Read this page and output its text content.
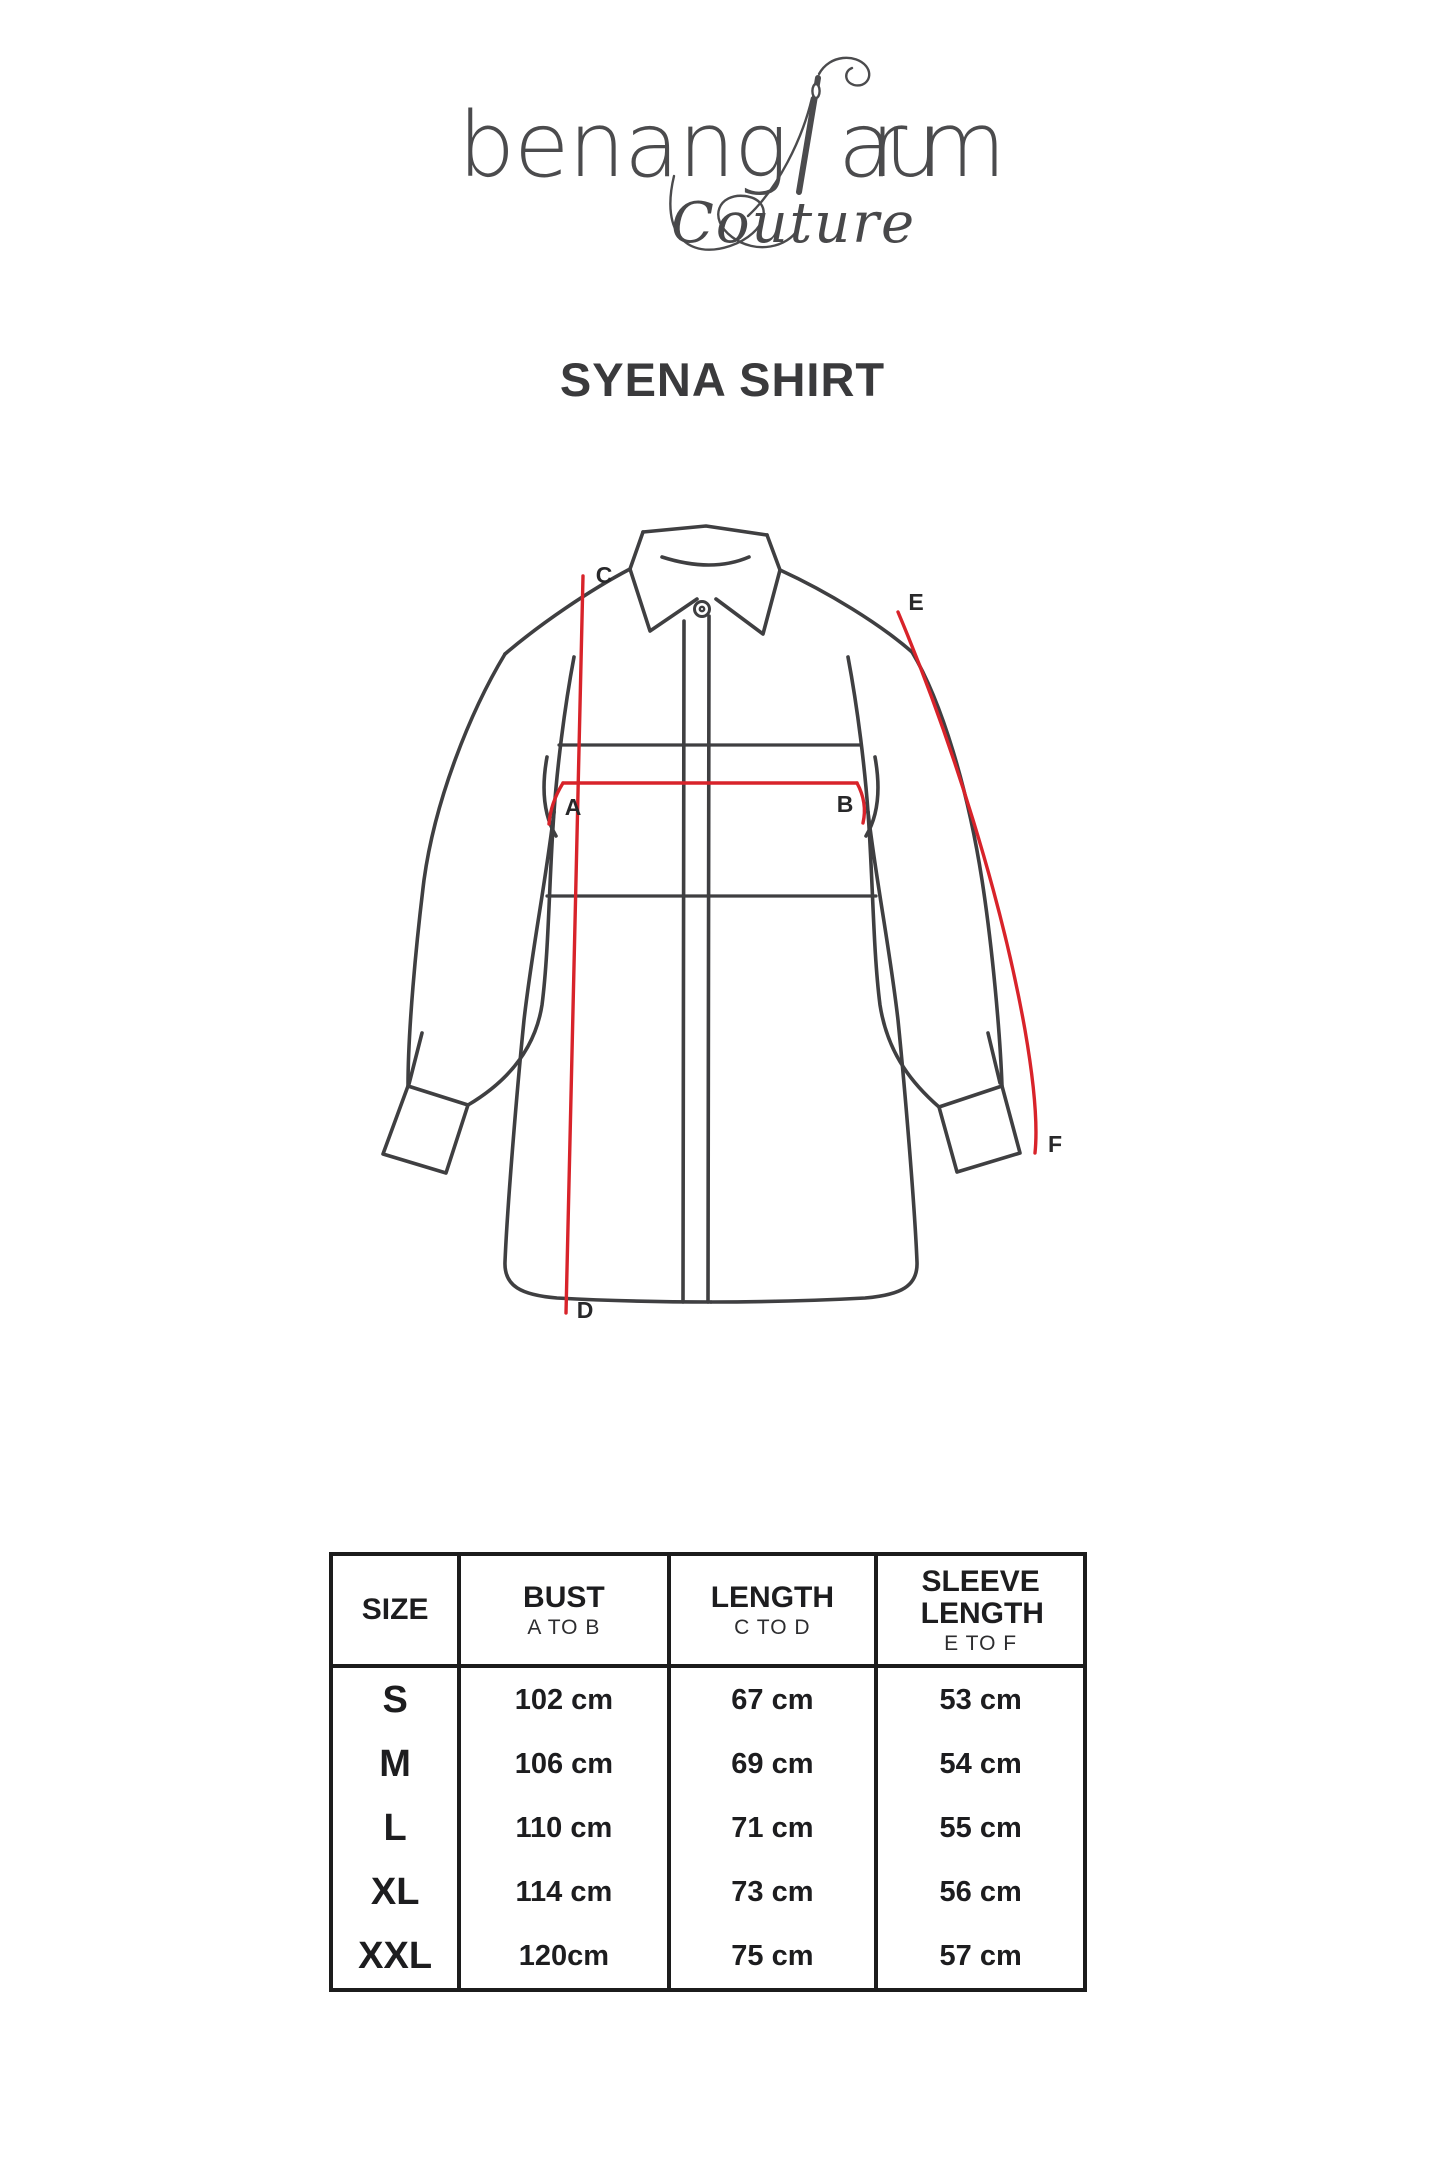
benang arum
Couture
SYENA SHIRT
C
E
A	B
D
F
SIZE
S
M
L
XL
XXL
BUST
A TO B
102 cm
106 cm
110 cm
114 cm
120cm
LENGTH
C TO D
67 cm
69 cm
71 cm
73 cm
75 cm
SLEEVE LENGTH
E TO F
53 cm
54 cm
55 cm
56 cm
57 cm
